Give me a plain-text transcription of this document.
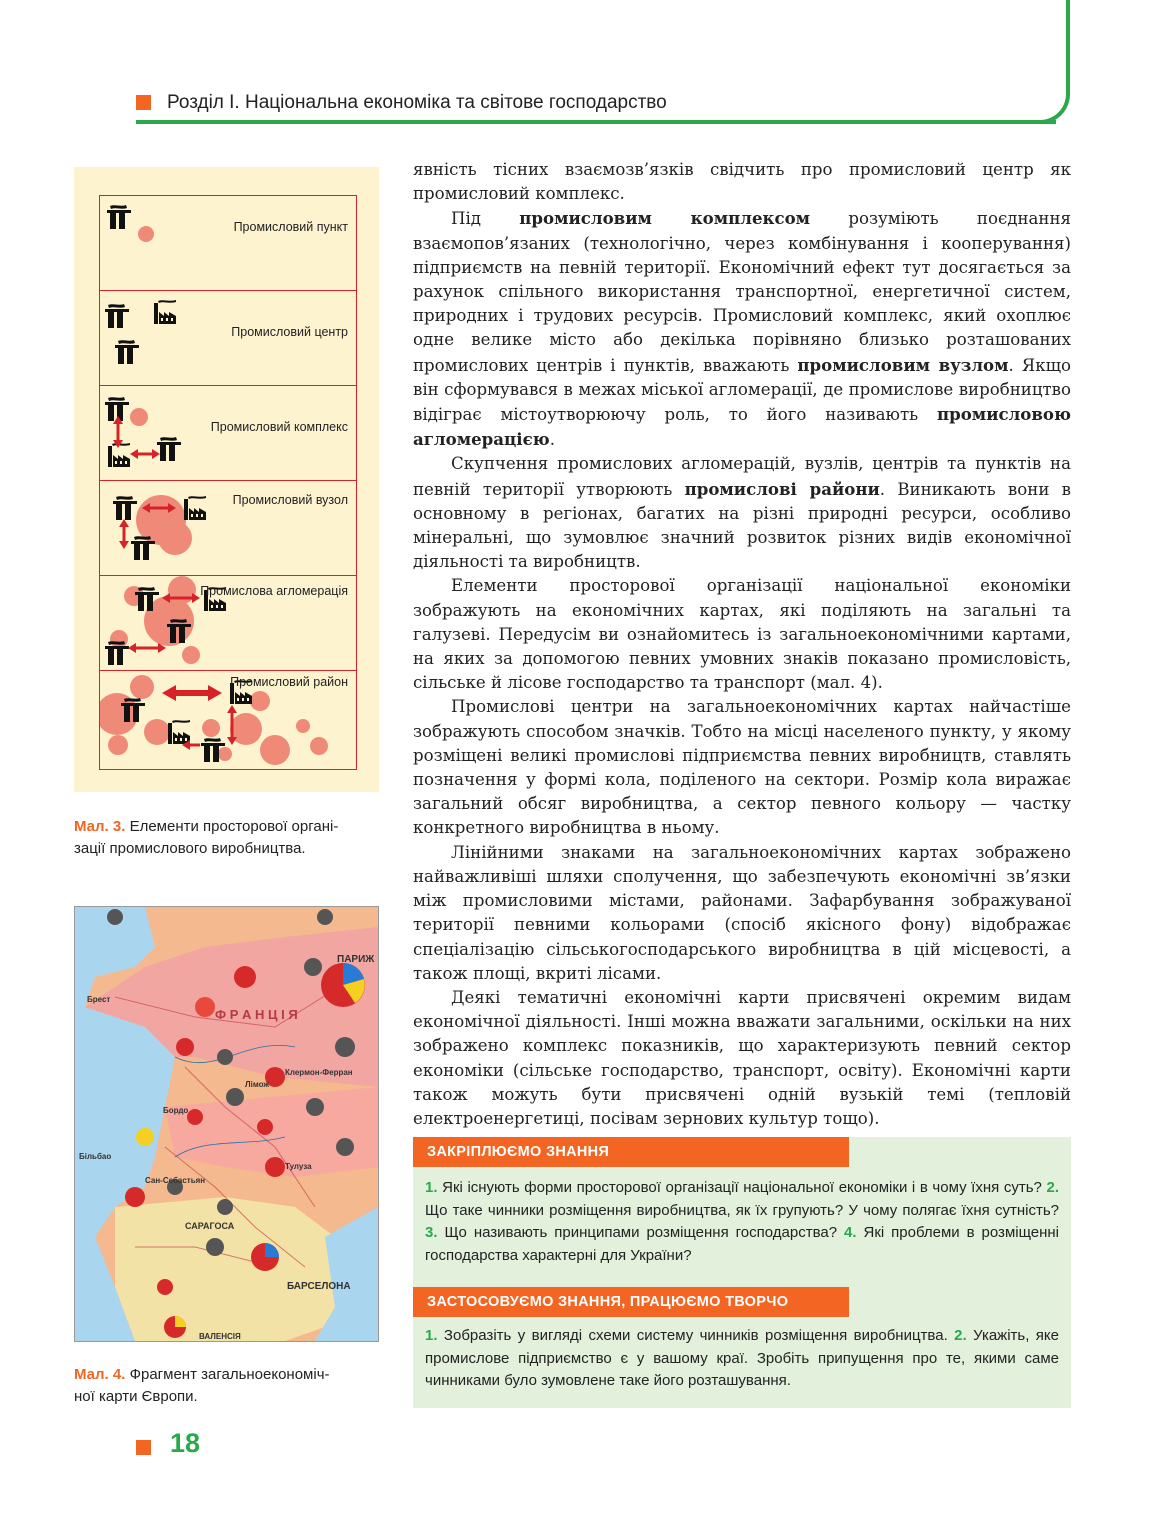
Розділ І. Національна економіка та світове господарство
Промисловий пункт
Промисловий центр
Промисловий комплекс
Промисловий вузол
Промислова агломерація
Промисловий район
Мал. 3. Елементи просторової органі-
зації промислового виробництва.
ПАРИЖ
Брест
Лімож
Клермон-Ферран
Бордо
Тулуза
Більбао
Сан-Себастьян
САРАГОСА
БАРСЕЛОНА
ВАЛЕНСІЯ
Ф Р А Н Ц І Я
Мал. 4. Фрагмент загальноекономіч-
ної карти Європи.

явність тісних взаємозв’язків свідчить про промисловий центр як промисловий комплекс.

Під промисловим комплексом розуміють поєднання взаємопов’язаних (технологічно, через комбінування і кооперування) підприємств на певній території. Економічний ефект тут досягається за рахунок спільного використання транспортної, енергетичної систем, природних і трудових ресурсів. Промисловий комплекс, який охоплює одне велике місто або декілька порівняно близько розташованих промислових центрів і пунктів, вважають промисловим вузлом. Якщо він сформувався в межах міської агломерації, де промислове виробництво відіграє містоутворюючу роль, то його називають промисловою агломерацією.

Скупчення промислових агломерацій, вузлів, центрів та пунктів на певній території утворюють промислові райони. Виникають вони в основному в регіонах, багатих на різні природні ресурси, особливо мінеральні, що зумовлює значний розвиток різних видів економічної діяльності та виробництв.

Елементи просторової організації національної економіки зображують на економічних картах, які поділяють на загальні та галузеві. Передусім ви ознайомитесь із загальноекономічними картами, на яких за допомогою певних умовних знаків показано промисловість, сільське й лісове господарство та транспорт (мал. 4).

Промислові центри на загальноекономічних картах найчастіше зображують способом значків. Тобто на місці населеного пункту, у якому розміщені великі промислові підприємства певних виробництв, ставлять позначення у формі кола, поділеного на сектори. Розмір кола виражає загальний обсяг виробництва, а сектор певного кольору — частку конкретного виробництва в ньому.

Лінійними знаками на загальноекономічних картах зображено найважливіші шляхи сполучення, що забезпечують економічні зв’язки між промисловими містами, районами. Зафарбування зображуваної території певними кольорами (спосіб якісного фону) відображає спеціалізацію сільськогосподарського виробництва в цій місцевості, а також площі, вкриті лісами.

Деякі тематичні економічні карти присвячені окремим видам економічної діяльності. Інші можна вважати загальними, оскільки на них зображено комплекс показників, що характеризують певний сектор економіки (сільське господарство, транспорт, освіту). Економічні карти також можуть бути присвячені одній вузькій темі (тепловій електроенергетиці, посівам зернових культур тощо).

ЗАКРІПЛЮЄМО ЗНАННЯ
1. Які існують форми просторової організації національної економіки і в чому їхня суть? 2. Що таке чинники розміщення виробництва, як їх групують? У чому полягає їхня сутність? 3. Що називають принципами розміщення господарства? 4. Які проблеми в розміщенні господарства характерні для України?
ЗАСТОСОВУЄМО ЗНАННЯ, ПРАЦЮЄМО ТВОРЧО
1. Зобразіть у вигляді схеми систему чинників розміщення виробництва. 2. Укажіть, яке промислове підприємство є у вашому краї. Зробіть припущення про те, якими саме чинниками було зумовлене таке його розташування.
18
